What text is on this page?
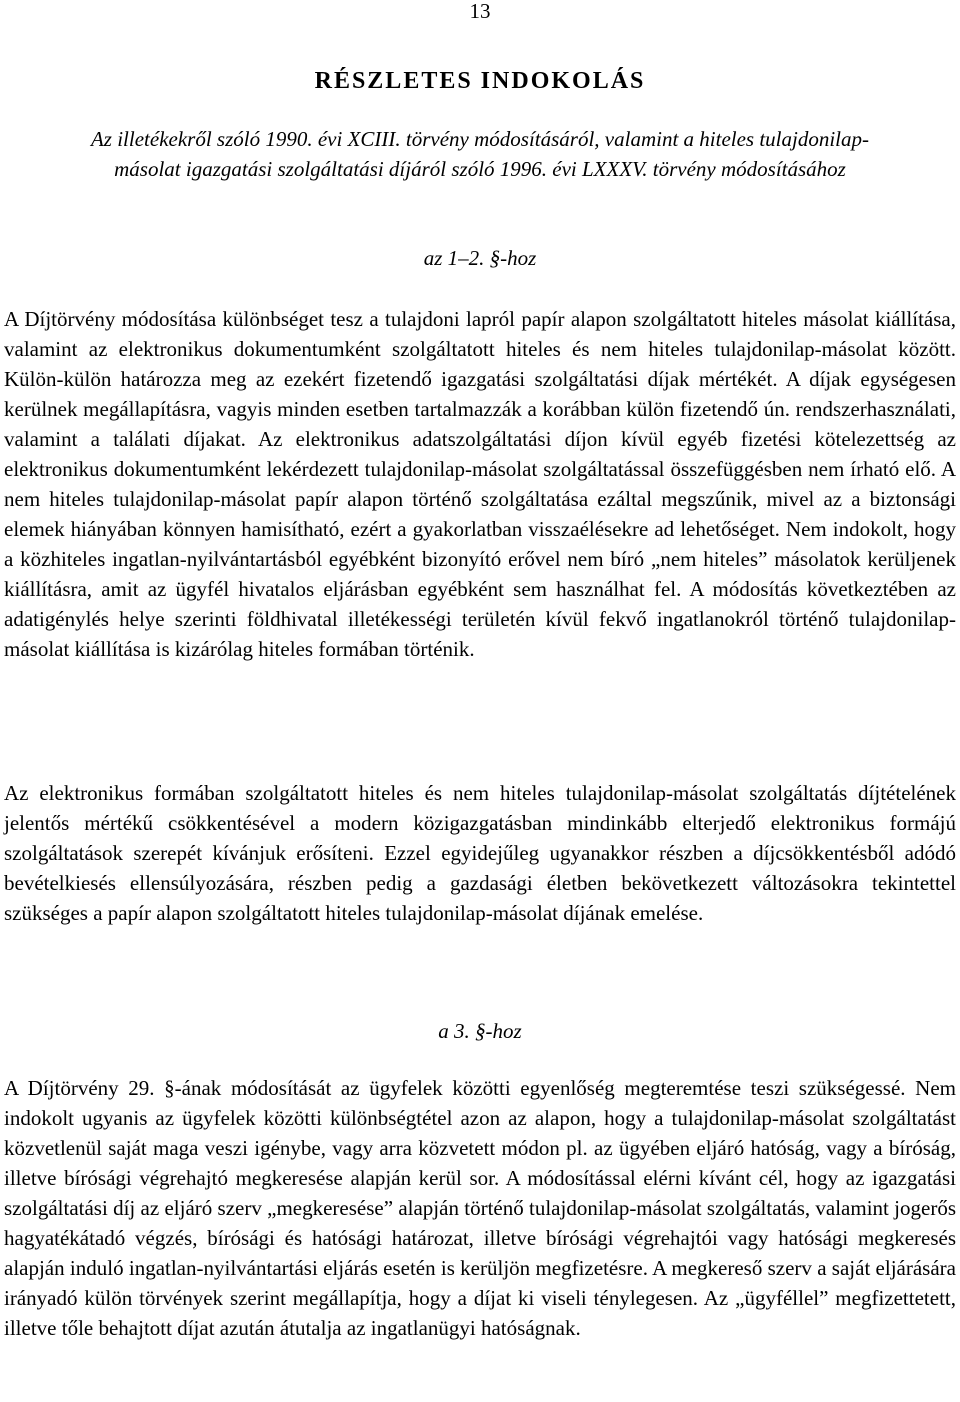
13
RÉSZLETES INDOKOLÁS
Az illetékekről szóló 1990. évi XCIII. törvény módosításáról, valamint a hiteles tulajdonilap-
másolat igazgatási szolgáltatási díjáról szóló 1996. évi LXXXV. törvény módosításához
az 1–2. §-hoz

A Díjtörvény módosítása különbséget tesz a tulajdoni lapról papír alapon szolgáltatott hiteles másolat kiállítása, valamint az elektronikus dokumentumként szolgáltatott hiteles és nem hiteles tulajdonilap-másolat között. Külön-külön határozza meg az ezekért fizetendő igazgatási szolgáltatási díjak mértékét. A díjak egységesen kerülnek megállapításra, vagyis minden esetben tartalmazzák a korábban külön fizetendő ún. rendszerhasználati, valamint a találati díjakat. Az elektronikus adatszolgáltatási díjon kívül egyéb fizetési kötelezettség az elektronikus dokumentumként lekérdezett tulajdonilap-másolat szolgáltatással összefüggésben nem írható elő. A nem hiteles tulajdonilap-másolat papír alapon történő szolgáltatása ezáltal megszűnik, mivel az a biztonsági elemek hiányában könnyen hamisítható, ezért a gyakorlatban visszaélésekre ad lehetőséget. Nem indokolt, hogy a közhiteles ingatlan-nyilvántartásból egyébként bizonyító erővel nem bíró „nem hiteles” másolatok kerüljenek kiállításra, amit az ügyfél hivatalos eljárásban egyébként sem használhat fel. A módosítás következtében az adatigénylés helye szerinti földhivatal illetékességi területén kívül fekvő ingatlanokról történő tulajdonilap-másolat kiállítása is kizárólag hiteles formában történik.

Az elektronikus formában szolgáltatott hiteles és nem hiteles tulajdonilap-másolat szolgáltatás díjtételének jelentős mértékű csökkentésével a modern közigazgatásban mindinkább elterjedő elektronikus formájú szolgáltatások szerepét kívánjuk erősíteni. Ezzel egyidejűleg ugyanakkor részben a díjcsökkentésből adódó bevételkiesés ellensúlyozására, részben pedig a gazdasági életben bekövetkezett változásokra tekintettel szükséges a papír alapon szolgáltatott hiteles tulajdonilap-másolat díjának emelése.

a 3. §-hoz

A Díjtörvény 29. §-ának módosítását az ügyfelek közötti egyenlőség megteremtése teszi szükségessé. Nem indokolt ugyanis az ügyfelek közötti különbségtétel azon az alapon, hogy a tulajdonilap-másolat szolgáltatást közvetlenül saját maga veszi igénybe, vagy arra közvetett módon pl. az ügyében eljáró hatóság, vagy a bíróság, illetve bírósági végrehajtó megkeresése alapján kerül sor. A módosítással elérni kívánt cél, hogy az igazgatási szolgáltatási díj az eljáró szerv „megkeresése” alapján történő tulajdonilap-másolat szolgáltatás, valamint jogerős hagyatékátadó végzés, bírósági és hatósági határozat, illetve bírósági végrehajtói vagy hatósági megkeresés alapján induló ingatlan-nyilvántartási eljárás esetén is kerüljön megfizetésre. A megkereső szerv a saját eljárására irányadó külön törvények szerint megállapítja, hogy a díjat ki viseli ténylegesen. Az „ügyféllel” megfizettetett, illetve tőle behajtott díjat azután átutalja az ingatlanügyi hatóságnak.
